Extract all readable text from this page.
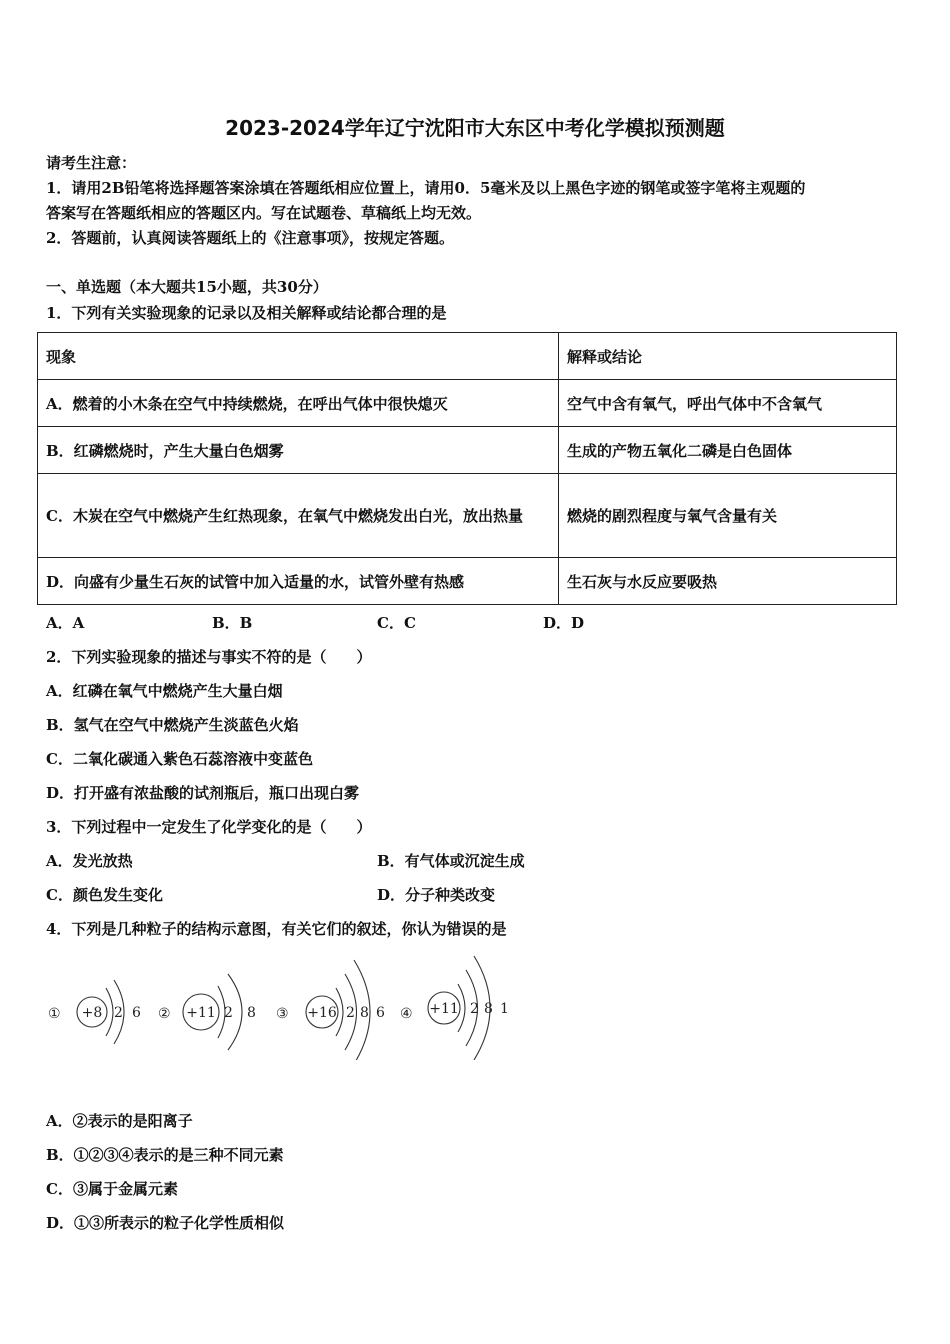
2023-2024学年辽宁沈阳市大东区中考化学模拟预测题
请考生注意：
1．请用2B铅笔将选择题答案涂填在答题纸相应位置上，请用0．5毫米及以上黑色字迹的钢笔或签字笔将主观题的
答案写在答题纸相应的答题区内。写在试题卷、草稿纸上均无效。
2．答题前，认真阅读答题纸上的《注意事项》，按规定答题。
一、单选题（本大题共15小题，共30分）
1．下列有关实验现象的记录以及相关解释或结论都合理的是
现象	解释或结论
A．燃着的小木条在空气中持续燃烧，在呼出气体中很快熄灭	空气中含有氧气，呼出气体中不含氧气
B．红磷燃烧时，产生大量白色烟雾	生成的产物五氧化二磷是白色固体
C．木炭在空气中燃烧产生红热现象，在氧气中燃烧发出白光，放出热量	燃烧的剧烈程度与氧气含量有关
D．向盛有少量生石灰的试管中加入适量的水，试管外壁有热感	生石灰与水反应要吸热
A．A	B．B	C．C	D．D
2．下列实验现象的描述与事实不符的是（　　）
A．红磷在氧气中燃烧产生大量白烟
B．氢气在空气中燃烧产生淡蓝色火焰
C．二氧化碳通入紫色石蕊溶液中变蓝色
D．打开盛有浓盐酸的试剂瓶后，瓶口出现白雾
3．下列过程中一定发生了化学变化的是（　　）
A．发光放热	B．有气体或沉淀生成
C．颜色发生变化	D．分子种类改变
4．下列是几种粒子的结构示意图，有关它们的叙述，你认为错误的是
① +8 2 6 ② +11 2 8 ③ +16 2 8 6 ④ +11 2 8 1
A．②表示的是阳离子
B．①②③④表示的是三种不同元素
C．③属于金属元素
D．①③所表示的粒子化学性质相似
